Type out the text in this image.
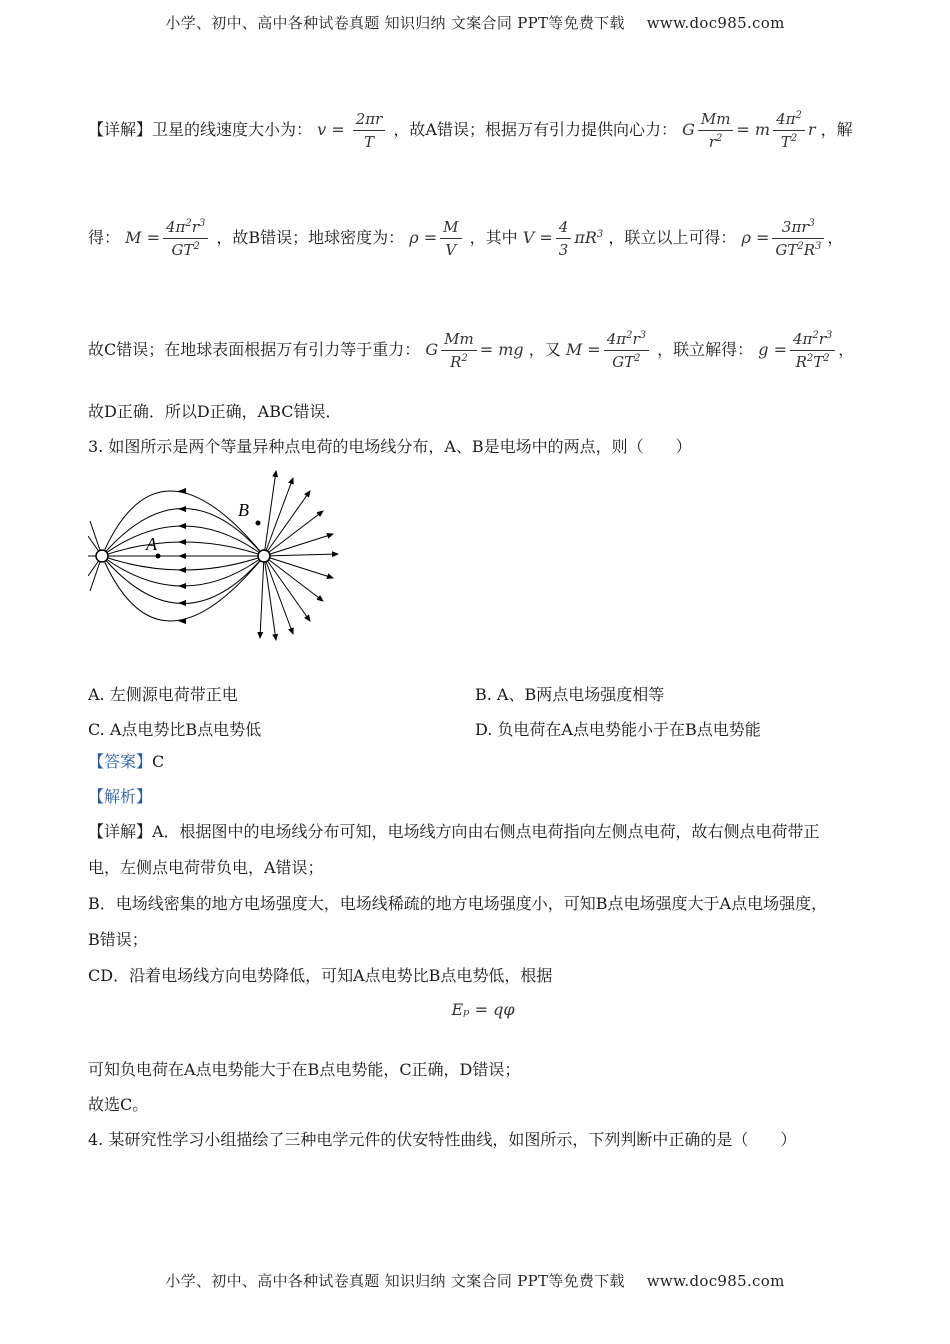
小学、初中、高中各种试卷真题 知识归纳 文案合同 PPT等免费下载 www.doc985.com
【详解】卫星的线速度大小为： $v = \frac{2\pi r}{T}$ ，故A错误；根据万有引力提供向心力： G $\frac{Mm}{r^2} = m \frac{4\pi^2}{T^2}$ r ，解
得： $M = \frac{4\pi^2r^3}{GT^2}$ ，故B错误；地球密度为： $\rho = \frac{M}{V}$ ，其中 $V = \frac{4}{3} \pi R^3$ ，联立以上可得： $\rho = \frac{3\pi r^3}{GT^2R^3}$ ，
故C错误；在地球表面根据万有引力等于重力： G $\frac{Mm}{R^2}$ = mg ，又 $M = \frac{4\pi^2r^3}{GT^2}$ ，联立解得： $g = \frac{4\pi^2r^3}{R^2T^2}$ ，
故D正确．所以D正确，ABC错误．
3. 如图所示是两个等量异种点电荷的电场线分布，A、B是电场中的两点，则（　　）
A
B
A. 左侧源电荷带正电	B. A、B两点电场强度相等
C. A点电势比B点电势低	D. 负电荷在A点电势能小于在B点电势能
【答案】C
【解析】
【详解】A．根据图中的电场线分布可知，电场线方向由右侧点电荷指向左侧点电荷，故右侧点电荷带正
电，左侧点电荷带负电，A错误；
B．电场线密集的地方电场强度大，电场线稀疏的地方电场强度小，可知B点电场强度大于A点电场强度，
B错误；
CD．沿着电场线方向电势降低，可知A点电势比B点电势低，根据
Eₚ = qφ
可知负电荷在A点电势能大于在B点电势能，C正确，D错误；
故选C。
4. 某研究性学习小组描绘了三种电学元件的伏安特性曲线，如图所示，下列判断中正确的是（　　）
小学、初中、高中各种试卷真题 知识归纳 文案合同 PPT等免费下载 www.doc985.com
